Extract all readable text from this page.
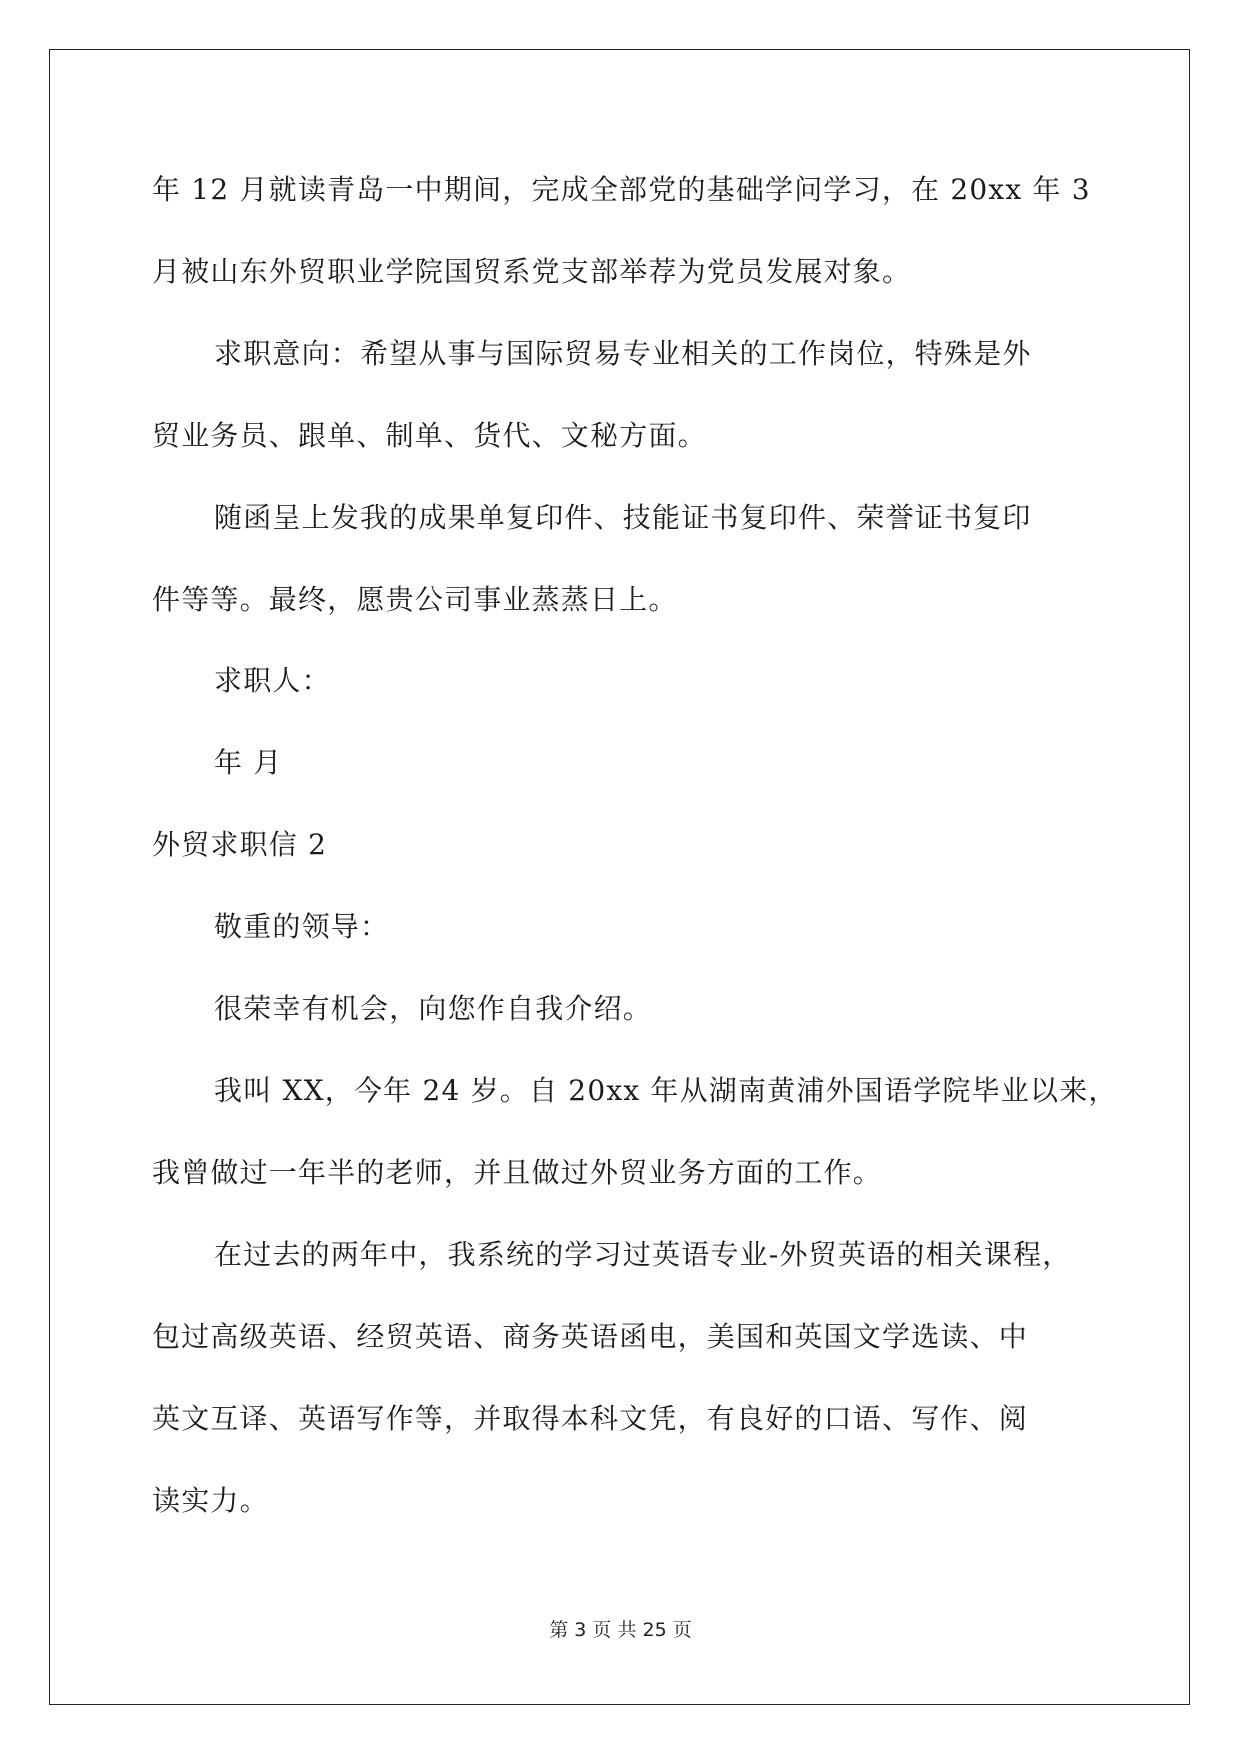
年 12 月就读青岛一中期间，完成全部党的基础学问学习，在 20xx 年 3
月被山东外贸职业学院国贸系党支部举荐为党员发展对象。
求职意向：希望从事与国际贸易专业相关的工作岗位，特殊是外
贸业务员、跟单、制单、货代、文秘方面。
随函呈上发我的成果单复印件、技能证书复印件、荣誉证书复印
件等等。最终，愿贵公司事业蒸蒸日上。
求职人：
年 月
外贸求职信 2
敬重的领导：
很荣幸有机会，向您作自我介绍。
我叫 XX，今年 24 岁。自 20xx 年从湖南黄浦外国语学院毕业以来，
我曾做过一年半的老师，并且做过外贸业务方面的工作。
在过去的两年中，我系统的学习过英语专业-外贸英语的相关课程，
包过高级英语、经贸英语、商务英语函电，美国和英国文学选读、中
英文互译、英语写作等，并取得本科文凭，有良好的口语、写作、阅
读实力。
第 3 页 共 25 页
